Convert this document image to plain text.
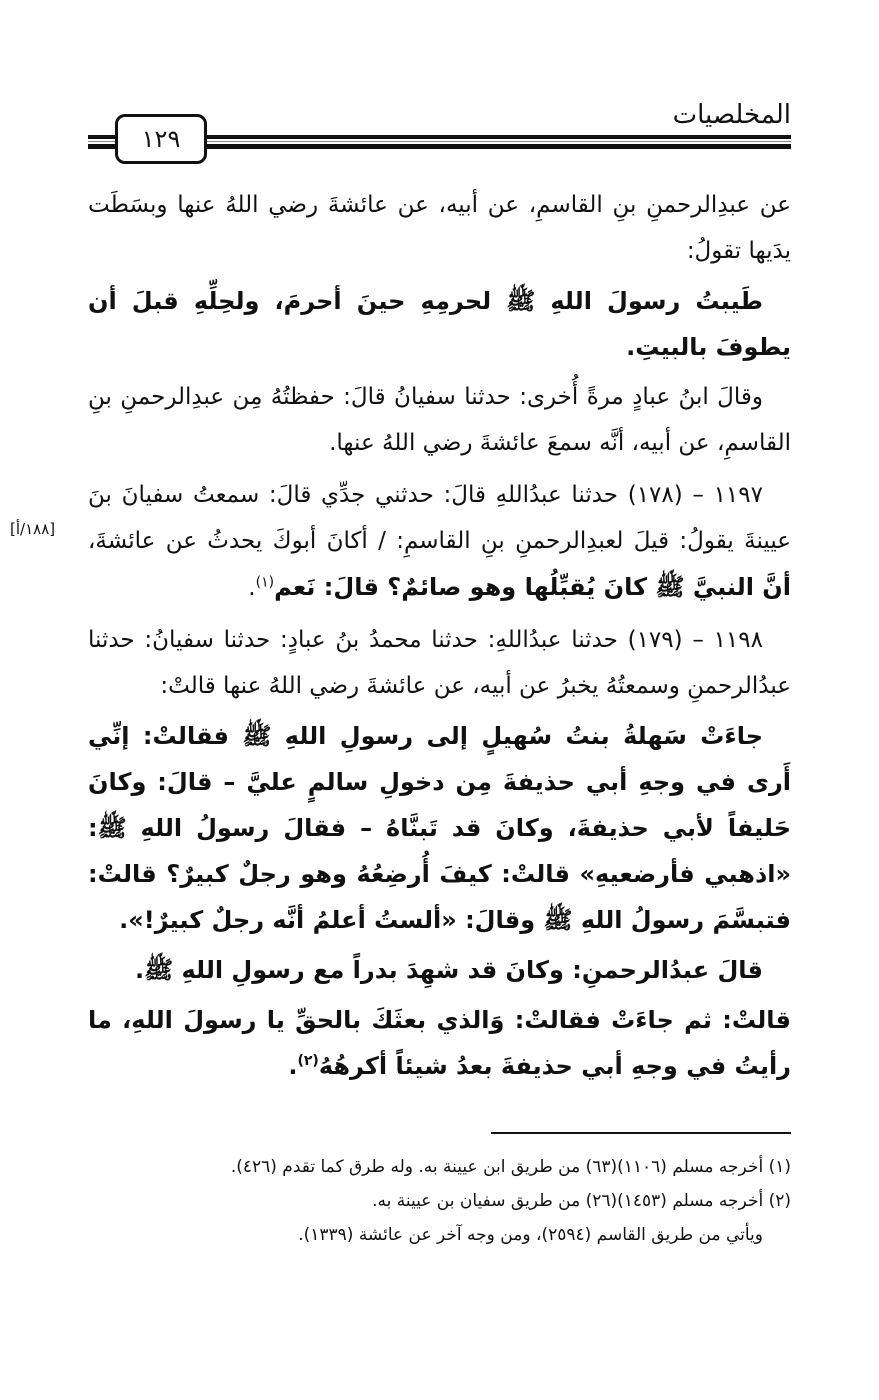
المخلصيات
١٢٩
[١٨٨/أ]

عن عبدِالرحمنِ بنِ القاسمِ، عن أبيه، عن عائشةَ رضي اللهُ عنها وبسَطَت يدَيها تقولُ:

طَيبتُ رسولَ اللهِ ﷺ لحرمِهِ حينَ أحرمَ، ولحِلِّهِ قبلَ أن يطوفَ بالبيتِ.

وقالَ ابنُ عبادٍ مرةً أُخرى: حدثنا سفيانُ قالَ: حفظتُهُ مِن عبدِالرحمنِ بنِ القاسمِ، عن أبيه، أنَّه سمعَ عائشةَ رضي اللهُ عنها.

١١٩٧ – (١٧٨) حدثنا عبدُاللهِ قالَ: حدثني جدِّي قالَ: سمعتُ سفيانَ بنَ عيينةَ يقولُ: قيلَ لعبدِالرحمنِ بنِ القاسمِ: / أكانَ أبوكَ يحدثُ عن عائشةَ، أنَّ النبيَّ ﷺ كانَ يُقبِّلُها وهو صائمٌ؟ قالَ: نَعم$^{(١)}$.

١١٩٨ – (١٧٩) حدثنا عبدُاللهِ: حدثنا محمدُ بنُ عبادٍ: حدثنا سفيانُ: حدثنا عبدُالرحمنِ وسمعتُهُ يخبرُ عن أبيه، عن عائشةَ رضي اللهُ عنها قالتْ:

جاءَتْ سَهلةُ بنتُ سُهيلٍ إلى رسولِ اللهِ ﷺ فقالتْ: إنِّي أَرى في وجهِ أبي حذيفةَ مِن دخولِ سالمٍ عليَّ – قالَ: وكانَ حَليفاً لأبي حذيفةَ، وكانَ قد تَبنَّاهُ – فقالَ رسولُ اللهِ ﷺ: «اذهبي فأرضعيهِ» قالتْ: كيفَ أُرضِعُهُ وهو رجلٌ كبيرٌ؟ قالتْ: فتبسَّمَ رسولُ اللهِ ﷺ وقالَ: «ألستُ أعلمُ أنَّه رجلٌ كبيرٌ!».

قالَ عبدُالرحمنِ: وكانَ قد شهِدَ بدراً مع رسولِ اللهِ ﷺ.

قالتْ: ثم جاءَتْ فقالتْ: وَالذي بعثَكَ بالحقِّ يا رسولَ اللهِ، ما رأيتُ في وجهِ أبي حذيفةَ بعدُ شيئاً أكرهُهُ$^{(٢)}$.

(١) أخرجه مسلم (١١٠٦)(٦٣) من طريق ابن عيينة به. وله طرق كما تقدم (٤٢٦).

(٢) أخرجه مسلم (١٤٥٣)(٢٦) من طريق سفيان بن عيينة به.

ويأتي من طريق القاسم (٢٥٩٤)، ومن وجه آخر عن عائشة (١٣٣٩).
